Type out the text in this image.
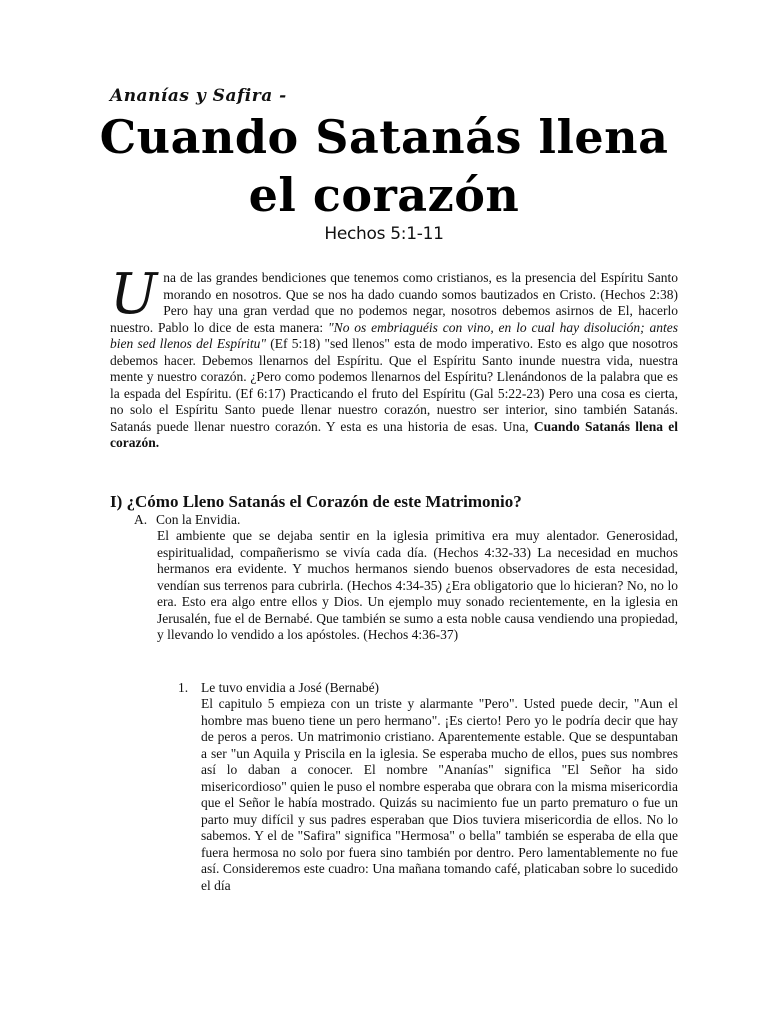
Ananías y Safira -
Cuando Satanás llena
el corazón
Hechos 5:1-11
Una de las grandes bendiciones que tenemos como cristianos, es la presencia del Espíritu Santo morando en nosotros. Que se nos ha dado cuando somos bautizados en Cristo. (Hechos 2:38) Pero hay una gran verdad que no podemos negar, nosotros debemos asirnos de El, hacerlo nuestro. Pablo lo dice de esta manera: "No os embriaguéis con vino, en lo cual hay disolución; antes bien sed llenos del Espíritu" (Ef 5:18) "sed llenos" esta de modo imperativo. Esto es algo que nosotros debemos hacer. Debemos llenarnos del Espíritu. Que el Espíritu Santo inunde nuestra vida, nuestra mente y nuestro corazón. ¿Pero como podemos llenarnos del Espíritu? Llenándonos de la palabra que es la espada del Espíritu. (Ef 6:17) Practicando el fruto del Espíritu (Gal 5:22-23) Pero una cosa es cierta, no solo el Espíritu Santo puede llenar nuestro corazón, nuestro ser interior, sino también Satanás. Satanás puede llenar nuestro corazón. Y esta es una historia de esas. Una, Cuando Satanás llena el corazón.
I) ¿Cómo Lleno Satanás el Corazón de este Matrimonio?
A. Con la Envidia.
El ambiente que se dejaba sentir en la iglesia primitiva era muy alentador. Generosidad, espiritualidad, compañerismo se vivía cada día. (Hechos 4:32-33) La necesidad en muchos hermanos era evidente. Y muchos hermanos siendo buenos observadores de esta necesidad, vendían sus terrenos para cubrirla. (Hechos 4:34-35) ¿Era obligatorio que lo hicieran? No, no lo era. Esto era algo entre ellos y Dios. Un ejemplo muy sonado recientemente, en la iglesia en Jerusalén, fue el de Bernabé. Que también se sumo a esta noble causa vendiendo una propiedad, y llevando lo vendido a los apóstoles. (Hechos 4:36-37)
1. Le tuvo envidia a José (Bernabé)
El capitulo 5 empieza con un triste y alarmante "Pero". Usted puede decir, "Aun el hombre mas bueno tiene un pero hermano". ¡Es cierto! Pero yo le podría decir que hay de peros a peros. Un matrimonio cristiano. Aparentemente estable. Que se despuntaban a ser "un Aquila y Priscila en la iglesia. Se esperaba mucho de ellos, pues sus nombres así lo daban a conocer. El nombre "Ananías" significa "El Señor ha sido misericordioso" quien le puso el nombre esperaba que obrara con la misma misericordia que el Señor le había mostrado. Quizás su nacimiento fue un parto prematuro o fue un parto muy difícil y sus padres esperaban que Dios tuviera misericordia de ellos. No lo sabemos. Y el de "Safira" significa "Hermosa" o bella" también se esperaba de ella que fuera hermosa no solo por fuera sino también por dentro. Pero lamentablemente no fue así. Consideremos este cuadro: Una mañana tomando café, platicaban sobre lo sucedido el día
